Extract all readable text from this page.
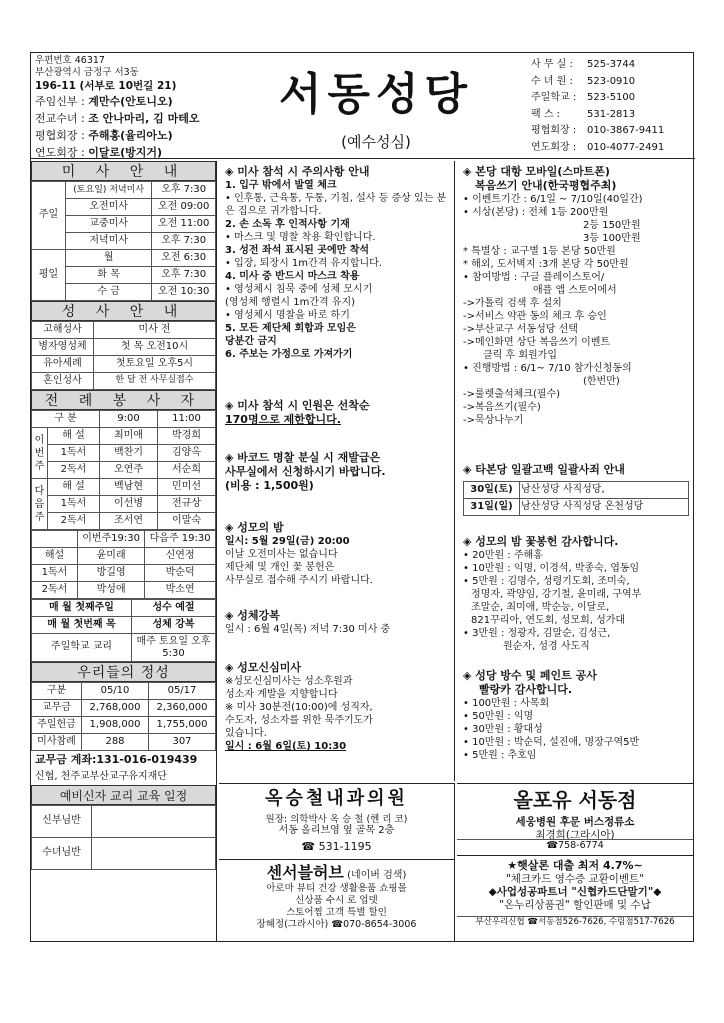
우편번호 46317
부산광역시 금정구 서3동
196-11 (서부로 10번길 21)
주임신부 : 계만수(안토니오)
전교수녀 : 조 안나마리, 김 마테오
평협회장 : 주해홍(율리아노)
연도회장 : 이달로(방지거)
서동성당
(예수성심)
사 무 실 :	525-3744
수 녀 원 :	523-0910
주일학교 :	523-5100
팩 스 :	531-2813
평협회장 :	010-3867-9411
연도회장 :	010-4077-2491
미 사 안 내
주일	(토요일) 저녁미사	오후 7:30
	오전미사	오전 09:00
	교중미사	오전 11:00
	저녁미사	오후 7:30
평일	월	오전 6:30
	화 목	오후 7:30
	수 금	오전 10:30
성 사 안 내
고해성사	미사 전
병자영성체	첫 목 오전10시
유아세례	첫토요일 오후5시
혼인성사	한 달 전 사무실접수
전 례 봉 사 자
구 분		9:00	11:00
이번주	해 설	최미애	박경희
	1독서	백찬기	김양옥
	2독서	오연주	서순희
다음주	해 설	백남현	민미선
	1독서	이선병	전규상
	2독서	조서연	이말숙
	이번주19:30	다음주 19:30
해설	윤미래	신연정
1독서	방길영	박순덕
2독서	박성애	박소연
매 월 첫째주일	성수 예절
매 월 첫번째 목	성체 강복
주일학교 교리	매주 토요일 오후5:30
우리들의 정성
구분	05/10	05/17
교무금	2,768,000	2,360,000
주일헌금	1,908,000	1,755,000
미사참례	288	307
교무금 계좌:131-016-019439
신협, 천주교부산교구유지재단
예비신자 교리 교육 일정
신부님반	
수녀님반	
◈ 미사 참석 시 주의사항 안내
1. 입구 밖에서 발열 체크
• 인후통, 근육통, 두통, 기침, 설사 등 증상 있는 분은 집으로 귀가합니다.
2. 손 소독 후 인적사항 기재
• 마스크 및 명찰 착용 확인합니다.
3. 성전 좌석 표시된 곳에만 착석
• 입장, 퇴장시 1m간격 유지합니다.
4. 미사 중 반드시 마스크 착용
• 영성체시 침묵 중에 성체 모시기
(영성체 행렬시 1m간격 유지)
• 영성체시 명찰을 바로 하기
5. 모든 제단체 회합과 모임은
당분간 금지
6. 주보는 가정으로 가져가기
◈ 미사 참석 시 인원은 선착순
170명으로 제한합니다.
◈ 바코드 명찰 분실 시 재발급은
사무실에서 신청하시기 바랍니다.
(비용 : 1,500원)
◈ 성모의 밤
일시: 5월 29일(금) 20:00
이날 오전미사는 없습니다
제단체 및 개인 꽃 봉헌은
사무실로 접수해 주시기 바랍니다.
◈ 성체강복
일시 : 6월 4일(목) 저녁 7:30 미사 중
◈ 성모신심미사
※성모신심미사는 성소후원과
성소자 계발을 지향합니다
※ 미사 30분전(10:00)에 성직자,
수도자, 성소자를 위한 묵주기도가
있습니다.
일시 : 6월 6일(토) 10:30
◈ 본당 대항 모바일(스마트폰)
복음쓰기 안내(한국평협주최)
• 이벤트기간 : 6/1일 ~ 7/10일(40일간)
• 시상(본당) : 전체 1등 200만원
2등 150만원
3등 100만원
* 특별상 : 교구별 1등 본당 50만원
* 해외, 도서벽지 :3개 본당 각 50만원
• 참여방법 : 구글 플레이스토어/
애플 앱 스토어에서
->가톨릭 검색 후 설치
->서비스 약관 동의 체크 후 승인
->부산교구 서동성당 선택
->메인화면 상단 복음쓰기 이벤트
클릭 후 회원가입
• 진행방법 : 6/1~ 7/10 참가신청동의
(한번만)
->룰렛출석체크(필수)
->복음쓰기(필수)
->묵상나누기
◈ 타본당 일괄고백 일괄사죄 안내
30일(토)	남산성당 사직성당,
31일(일)	남산성당 사직성당 온천성당
◈ 성모의 밤 꽃봉헌 감사합니다.
• 20만원 : 주해홍
• 10만원 : 익명, 이경석, 박종숙, 엽동임
• 5만원 : 김명수, 성령기도회, 조미숙,
정명자, 곽양임, 강기철, 윤미래, 구역부
조말순, 최미애, 박순능, 이달로,
821꾸리아, 연도회, 성모회, 성가대
• 3만원 : 정광자, 김말순, 김성근,
원순자, 성경 사도직
◈ 성당 방수 및 페인트 공사
빨랑카 감사합니다.
• 100만원 : 사목회
• 50만원 : 익명
• 30만원 : 황대성
• 10만원 : 박순덕, 설진애, 명장구역5반
• 5만원 : 추호임
옥승철내과의원
원장: 의학박사 옥 승 철 (헨 리 코)
서동 올리브영 옆 골목 2층
☎ 531-1195
센서블허브 (네이버 검색)
아로마 뷰티 건강 생활용품 쇼핑몰
신상품 수시 로 업뎃
스토어찜 고객 특별 할인
장혜정(그라시아) ☎070-8654-3006
올포유 서동점
세웅병원 후문 버스정류소
최경희(그라시아)
☎758-6774
★햇살론 대출 최저 4.7%~
"체크카드 영수증 교환이벤트"
◆사업성공파트너 "신협카드단말기"◆
"온누리상품권" 할인판매 및 수납
부산우리신협 ☎서동점526-7626, 수림점517-7626
